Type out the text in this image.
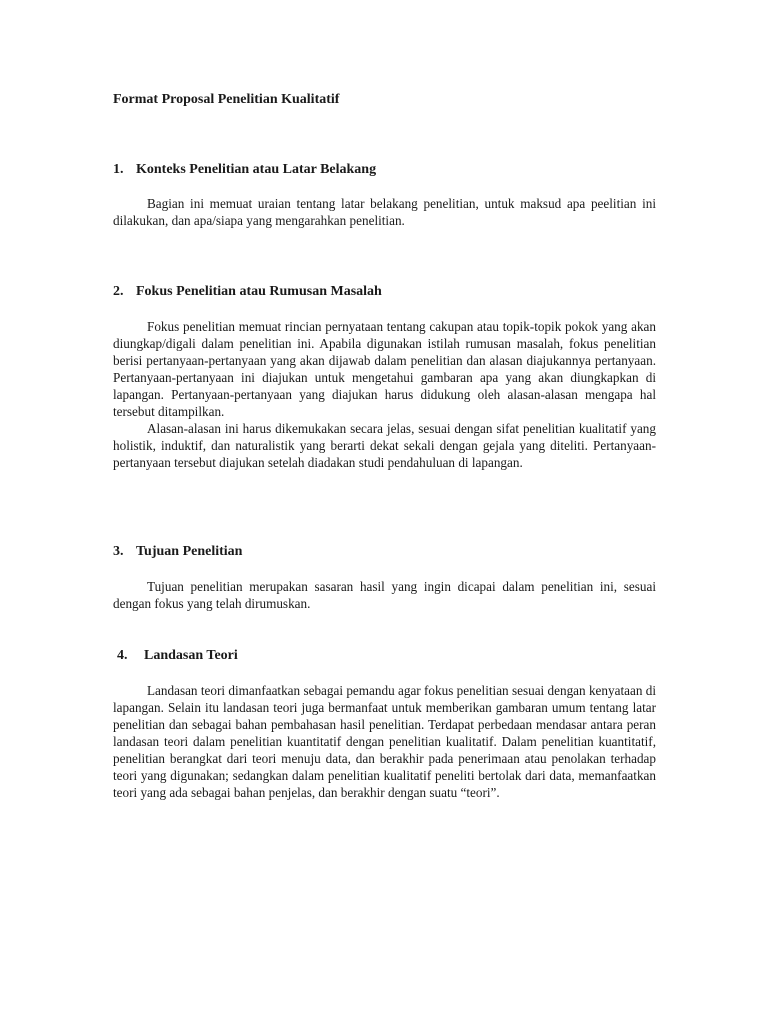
Format Proposal Penelitian Kualitatif
1. Konteks Penelitian atau Latar Belakang

Bagian ini memuat uraian tentang latar belakang penelitian, untuk maksud apa peelitian ini dilakukan, dan apa/siapa yang mengarahkan penelitian.

2. Fokus Penelitian atau Rumusan Masalah

Fokus penelitian memuat rincian pernyataan tentang cakupan atau topik-topik pokok yang akan diungkap/digali dalam penelitian ini. Apabila digunakan istilah rumusan masalah, fokus penelitian berisi pertanyaan-pertanyaan yang akan dijawab dalam penelitian dan alasan diajukannya pertanyaan. Pertanyaan-pertanyaan ini diajukan untuk mengetahui gambaran apa yang akan diungkapkan di lapangan. Pertanyaan-pertanyaan yang diajukan harus didukung oleh alasan-alasan mengapa hal tersebut ditampilkan.

Alasan-alasan ini harus dikemukakan secara jelas, sesuai dengan sifat penelitian kualitatif yang holistik, induktif, dan naturalistik yang berarti dekat sekali dengan gejala yang diteliti. Pertanyaan-pertanyaan tersebut diajukan setelah diadakan studi pendahuluan di lapangan.

3. Tujuan Penelitian

Tujuan penelitian merupakan sasaran hasil yang ingin dicapai dalam penelitian ini, sesuai dengan fokus yang telah dirumuskan.

4. Landasan Teori

Landasan teori dimanfaatkan sebagai pemandu agar fokus penelitian sesuai dengan kenyataan di lapangan. Selain itu landasan teori juga bermanfaat untuk memberikan gambaran umum tentang latar penelitian dan sebagai bahan pembahasan hasil penelitian. Terdapat perbedaan mendasar antara peran landasan teori dalam penelitian kuantitatif dengan penelitian kualitatif. Dalam penelitian kuantitatif, penelitian berangkat dari teori menuju data, dan berakhir pada penerimaan atau penolakan terhadap teori yang digunakan; sedangkan dalam penelitian kualitatif peneliti bertolak dari data, memanfaatkan teori yang ada sebagai bahan penjelas, dan berakhir dengan suatu “teori”.
